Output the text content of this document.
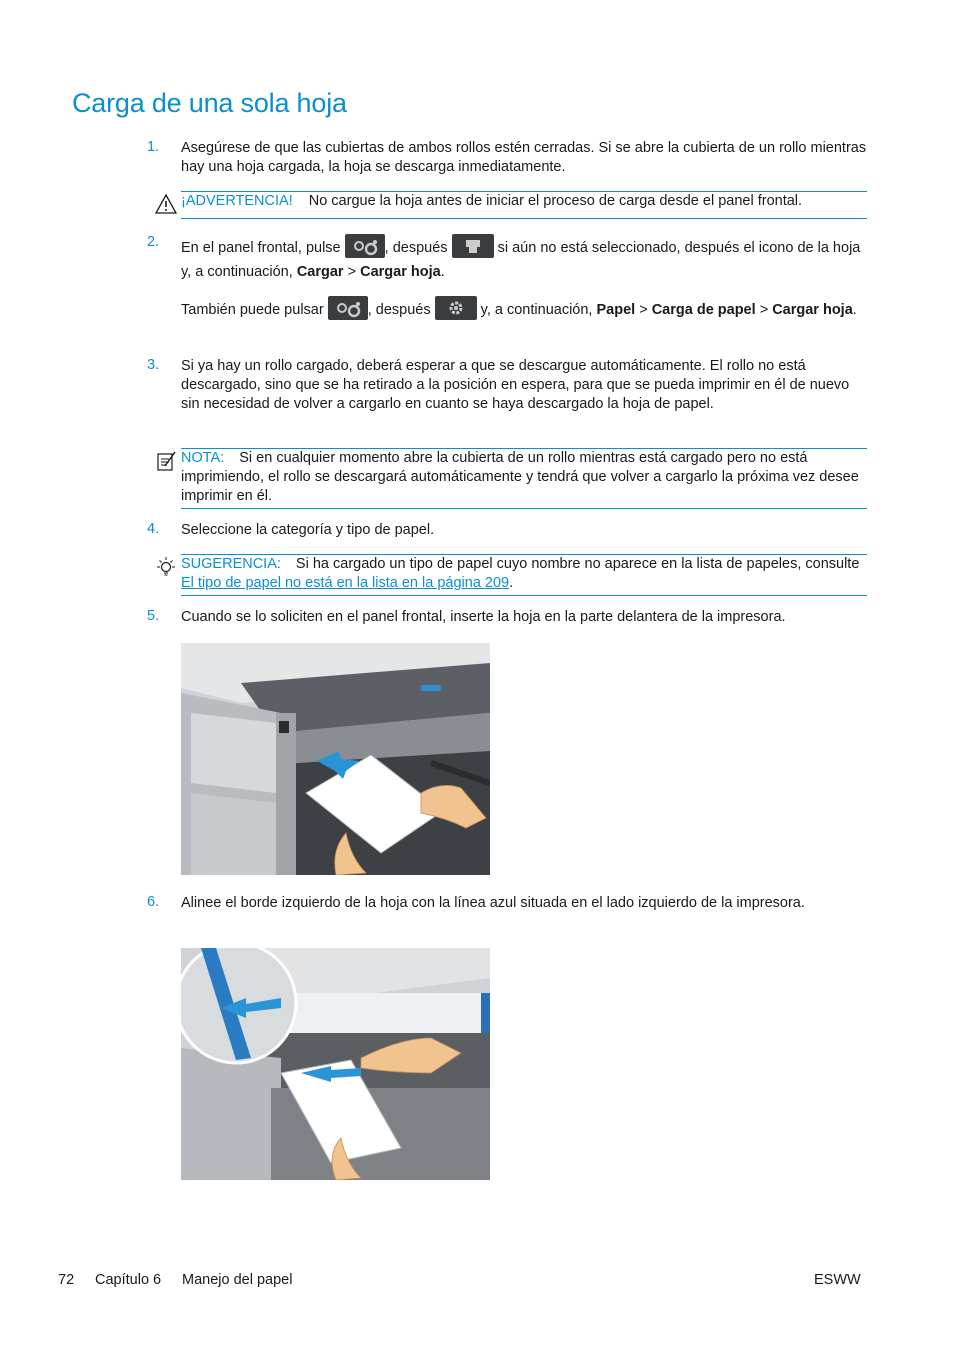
Carga de una sola hoja
1. Asegúrese de que las cubiertas de ambos rollos estén cerradas. Si se abre la cubierta de un rollo mientras hay una hoja cargada, la hoja se descarga inmediatamente.
¡ADVERTENCIA! No cargue la hoja antes de iniciar el proceso de carga desde el panel frontal.
2. En el panel frontal, pulse	, después	si aún no está seleccionado, después el icono de la hoja y, a continuación, Cargar > Cargar hoja.
También puede pulsar	, después	y, a continuación, Papel > Carga de papel > Cargar hoja.
3. Si ya hay un rollo cargado, deberá esperar a que se descargue automáticamente. El rollo no está descargado, sino que se ha retirado a la posición en espera, para que se pueda imprimir en él de nuevo sin necesidad de volver a cargarlo en cuanto se haya descargado la hoja de papel.
NOTA: Si en cualquier momento abre la cubierta de un rollo mientras está cargado pero no está imprimiendo, el rollo se descargará automáticamente y tendrá que volver a cargarlo la próxima vez desee imprimir en él.
4. Seleccione la categoría y tipo de papel.
SUGERENCIA: Si ha cargado un tipo de papel cuyo nombre no aparece en la lista de papeles, consulte El tipo de papel no está en la lista en la página 209.
5. Cuando se lo soliciten en el panel frontal, inserte la hoja en la parte delantera de la impresora.
6. Alinee el borde izquierdo de la hoja con la línea azul situada en el lado izquierdo de la impresora.
72 Capítulo 6 Manejo del papel	ESWW
